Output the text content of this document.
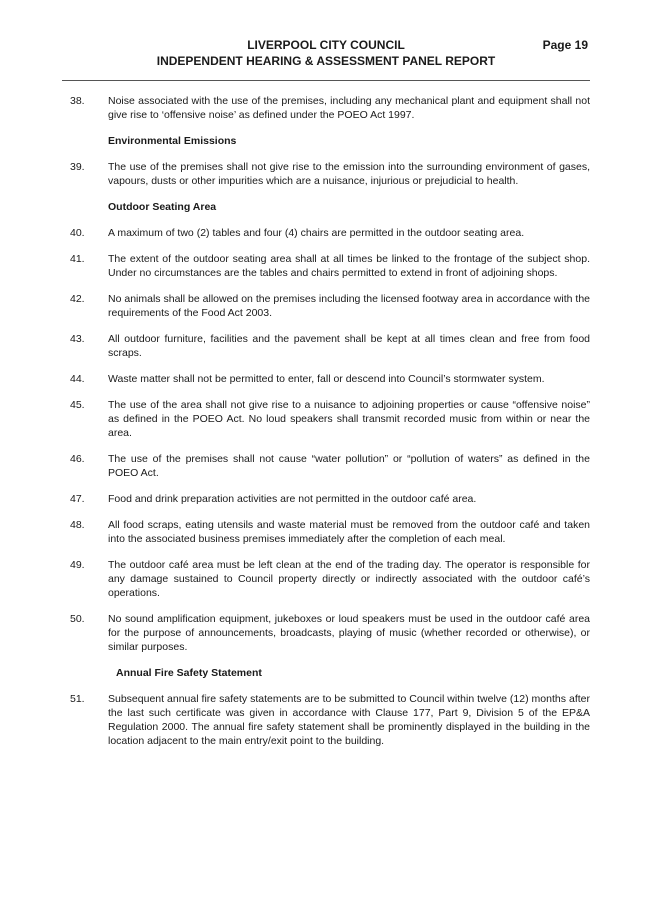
LIVERPOOL CITY COUNCIL
INDEPENDENT HEARING & ASSESSMENT PANEL REPORT
Page 19
38. Noise associated with the use of the premises, including any mechanical plant and equipment shall not give rise to ‘offensive noise’ as defined under the POEO Act 1997.
Environmental Emissions
39. The use of the premises shall not give rise to the emission into the surrounding environment of gases, vapours, dusts or other impurities which are a nuisance, injurious or prejudicial to health.
Outdoor Seating Area
40. A maximum of two (2) tables and four (4) chairs are permitted in the outdoor seating area.
41. The extent of the outdoor seating area shall at all times be linked to the frontage of the subject shop. Under no circumstances are the tables and chairs permitted to extend in front of adjoining shops.
42. No animals shall be allowed on the premises including the licensed footway area in accordance with the requirements of the Food Act 2003.
43. All outdoor furniture, facilities and the pavement shall be kept at all times clean and free from food scraps.
44. Waste matter shall not be permitted to enter, fall or descend into Council’s stormwater system.
45. The use of the area shall not give rise to a nuisance to adjoining properties or cause “offensive noise” as defined in the POEO Act. No loud speakers shall transmit recorded music from within or near the area.
46. The use of the premises shall not cause “water pollution” or “pollution of waters” as defined in the POEO Act.
47. Food and drink preparation activities are not permitted in the outdoor café area.
48. All food scraps, eating utensils and waste material must be removed from the outdoor café and taken into the associated business premises immediately after the completion of each meal.
49. The outdoor café area must be left clean at the end of the trading day. The operator is responsible for any damage sustained to Council property directly or indirectly associated with the outdoor café’s operations.
50. No sound amplification equipment, jukeboxes or loud speakers must be used in the outdoor café area for the purpose of announcements, broadcasts, playing of music (whether recorded or otherwise), or similar purposes.
Annual Fire Safety Statement
51. Subsequent annual fire safety statements are to be submitted to Council within twelve (12) months after the last such certificate was given in accordance with Clause 177, Part 9, Division 5 of the EP&A Regulation 2000. The annual fire safety statement shall be prominently displayed in the building in the location adjacent to the main entry/exit point to the building.
